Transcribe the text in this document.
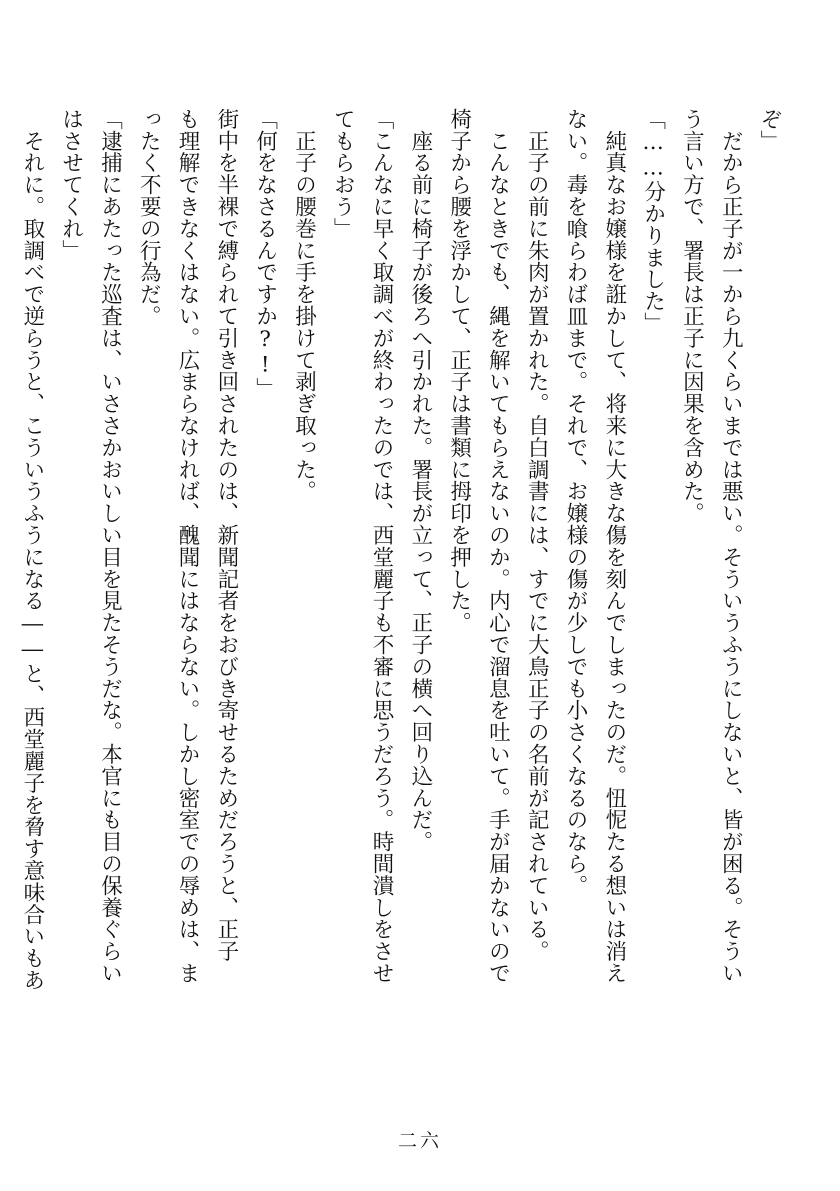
ぞ」

だから正子が一から九くらいまでは悪い。そういうふうにしないと、皆が困る。そうい

う言い方で、署長は正子に因果を含めた。

「……分かりました」

純真なお嬢様を誑かして、将来に大きな傷を刻んでしまったのだ。忸怩たる想いは消え

ない。毒を喰らわば皿まで。それで、お嬢様の傷が少しでも小さくなるのなら。

正子の前に朱肉が置かれた。自白調書には、すでに大鳥正子の名前が記されている。

こんなときでも、縄を解いてもらえないのか。内心で溜息を吐いて。手が届かないので

椅子から腰を浮かして、正子は書類に拇印を押した。

座る前に椅子が後ろへ引かれた。署長が立って、正子の横へ回り込んだ。

「こんなに早く取調べが終わったのでは、西堂麗子も不審に思うだろう。時間潰しをさせ

てもらおう」

正子の腰巻に手を掛けて剥ぎ取った。

「何をなさるんですか?!」

街中を半裸で縛られて引き回されたのは、新聞記者をおびき寄せるためだろうと、正子

も理解できなくはない。広まらなければ、醜聞にはならない。しかし密室での辱めは、ま

ったく不要の行為だ。

「逮捕にあたった巡査は、いささかおいしい目を見たそうだな。本官にも目の保養ぐらい

はさせてくれ」

それに。取調べで逆らうと、こういうふうになる――と、西堂麗子を脅す意味合いもあ

二六
